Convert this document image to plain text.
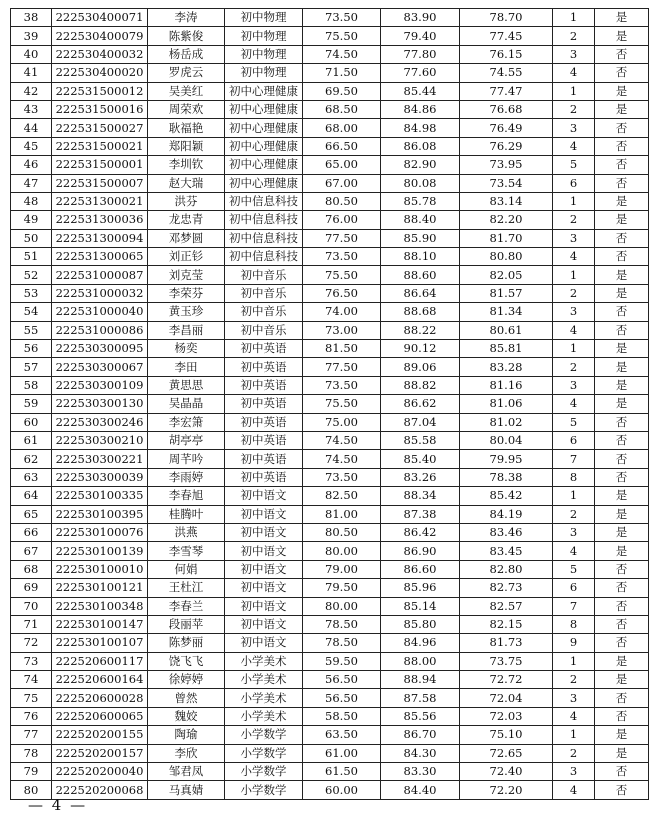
38	222530400071	李涛	初中物理	73.50	83.90	78.70	1	是
39	222530400079	陈紫俊	初中物理	75.50	79.40	77.45	2	是
40	222530400032	杨岳成	初中物理	74.50	77.80	76.15	3	否
41	222530400020	罗虎云	初中物理	71.50	77.60	74.55	4	否
42	222531500012	吴美红	初中心理健康	69.50	85.44	77.47	1	是
43	222531500016	周荣欢	初中心理健康	68.50	84.86	76.68	2	是
44	222531500027	耿福艳	初中心理健康	68.00	84.98	76.49	3	否
45	222531500021	郑阳颖	初中心理健康	66.50	86.08	76.29	4	否
46	222531500001	李圳钦	初中心理健康	65.00	82.90	73.95	5	否
47	222531500007	赵大瑞	初中心理健康	67.00	80.08	73.54	6	否
48	222531300021	洪芬	初中信息科技	80.50	85.78	83.14	1	是
49	222531300036	龙忠青	初中信息科技	76.00	88.40	82.20	2	是
50	222531300094	邓梦圆	初中信息科技	77.50	85.90	81.70	3	否
51	222531300065	刘正钐	初中信息科技	73.50	88.10	80.80	4	否
52	222531000087	刘克莹	初中音乐	75.50	88.60	82.05	1	是
53	222531000032	李荣芬	初中音乐	76.50	86.64	81.57	2	是
54	222531000040	黄玉珍	初中音乐	74.00	88.68	81.34	3	否
55	222531000086	李昌丽	初中音乐	73.00	88.22	80.61	4	否
56	222530300095	杨奕	初中英语	81.50	90.12	85.81	1	是
57	222530300067	李田	初中英语	77.50	89.06	83.28	2	是
58	222530300109	黄思思	初中英语	73.50	88.82	81.16	3	是
59	222530300130	吴晶晶	初中英语	75.50	86.62	81.06	4	是
60	222530300246	李宏箫	初中英语	75.00	87.04	81.02	5	否
61	222530300210	胡亭亭	初中英语	74.50	85.58	80.04	6	否
62	222530300221	周芊吟	初中英语	74.50	85.40	79.95	7	否
63	222530300039	李雨婷	初中英语	73.50	83.26	78.38	8	否
64	222530100335	李春旭	初中语文	82.50	88.34	85.42	1	是
65	222530100395	桂腾叶	初中语文	81.00	87.38	84.19	2	是
66	222530100076	洪燕	初中语文	80.50	86.42	83.46	3	是
67	222530100139	李雪琴	初中语文	80.00	86.90	83.45	4	是
68	222530100010	何娟	初中语文	79.00	86.60	82.80	5	否
69	222530100121	王杜江	初中语文	79.50	85.96	82.73	6	否
70	222530100348	李春兰	初中语文	80.00	85.14	82.57	7	否
71	222530100147	段丽苹	初中语文	78.50	85.80	82.15	8	否
72	222530100107	陈梦丽	初中语文	78.50	84.96	81.73	9	否
73	222520600117	饶飞飞	小学美术	59.50	88.00	73.75	1	是
74	222520600164	徐婷婷	小学美术	56.50	88.94	72.72	2	是
75	222520600028	曾然	小学美术	56.50	87.58	72.04	3	否
76	222520600065	魏姣	小学美术	58.50	85.56	72.03	4	否
77	222520200155	陶瑜	小学数学	63.50	86.70	75.10	1	是
78	222520200157	李欣	小学数学	61.00	84.30	72.65	2	是
79	222520200040	邹君凤	小学数学	61.50	83.30	72.40	3	否
80	222520200068	马真婧	小学数学	60.00	84.40	72.20	4	否
— 4 —
